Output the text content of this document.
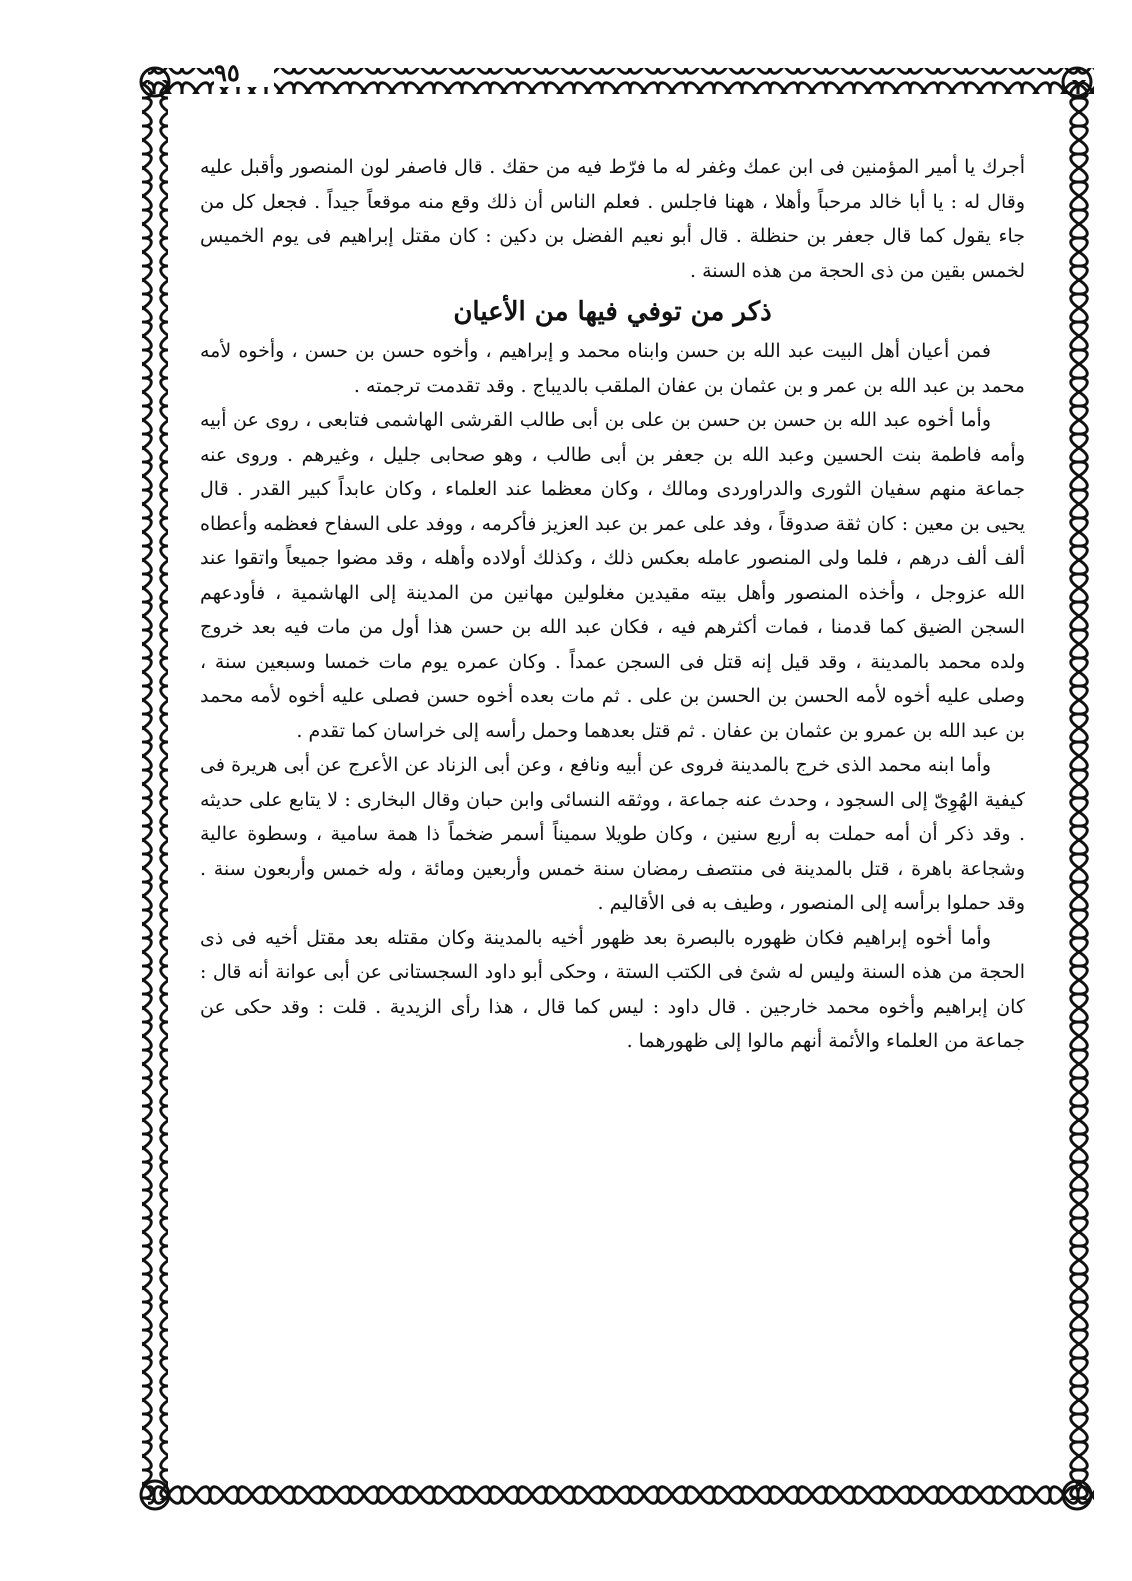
٩٥

أجرك يا أمير المؤمنين فى ابن عمك وغفر له ما فرّط فيه من حقك . قال فاصفر لون المنصور وأقبل عليه وقال له : يا أبا خالد مرحباً وأهلا ، ههنا فاجلس . فعلم الناس أن ذلك وقع منه موقعاً جيداً . فجعل كل من جاء يقول كما قال جعفر بن حنظلة . قال أبو نعيم الفضل بن دكين : كان مقتل إبراهيم فى يوم الخميس لخمس بقين من ذى الحجة من هذه السنة .

ذكر من توفي فيها من الأعيان

فمن أعيان أهل البيت عبد الله بن حسن وابناه محمد و إبراهيم ، وأخوه حسن بن حسن ، وأخوه لأمه محمد بن عبد الله بن عمر و بن عثمان بن عفان الملقب بالديباج . وقد تقدمت ترجمته .

وأما أخوه عبد الله بن حسن بن حسن بن على بن أبى طالب القرشى الهاشمى فتابعى ، روى عن أبيه وأمه فاطمة بنت الحسين وعبد الله بن جعفر بن أبى طالب ، وهو صحابى جليل ، وغيرهم . وروى عنه جماعة منهم سفيان الثورى والدراوردى ومالك ، وكان معظما عند العلماء ، وكان عابداً كبير القدر . قال يحيى بن معين : كان ثقة صدوقاً ، وفد على عمر بن عبد العزيز فأكرمه ، ووفد على السفاح فعظمه وأعطاه ألف ألف درهم ، فلما ولى المنصور عامله بعكس ذلك ، وكذلك أولاده وأهله ، وقد مضوا جميعاً واتقوا عند الله عزوجل ، وأخذه المنصور وأهل بيته مقيدين مغلولين مهانين من المدينة إلى الهاشمية ، فأودعهم السجن الضيق كما قدمنا ، فمات أكثرهم فيه ، فكان عبد الله بن حسن هذا أول من مات فيه بعد خروج ولده محمد بالمدينة ، وقد قيل إنه قتل فى السجن عمداً . وكان عمره يوم مات خمسا وسبعين سنة ، وصلى عليه أخوه لأمه الحسن بن الحسن بن على . ثم مات بعده أخوه حسن فصلى عليه أخوه لأمه محمد بن عبد الله بن عمرو بن عثمان بن عفان . ثم قتل بعدهما وحمل رأسه إلى خراسان كما تقدم .

وأما ابنه محمد الذى خرج بالمدينة فروى عن أبيه ونافع ، وعن أبى الزناد عن الأعرج عن أبى هريرة فى كيفية الهُوِىّ إلى السجود ، وحدث عنه جماعة ، ووثقه النسائى وابن حبان وقال البخارى : لا يتابع على حديثه . وقد ذكر أن أمه حملت به أربع سنين ، وكان طويلا سميناً أسمر ضخماً ذا همة سامية ، وسطوة عالية وشجاعة باهرة ، قتل بالمدينة فى منتصف رمضان سنة خمس وأربعين ومائة ، وله خمس وأربعون سنة . وقد حملوا برأسه إلى المنصور ، وطيف به فى الأقاليم .

وأما أخوه إبراهيم فكان ظهوره بالبصرة بعد ظهور أخيه بالمدينة وكان مقتله بعد مقتل أخيه فى ذى الحجة من هذه السنة وليس له شئ فى الكتب الستة ، وحكى أبو داود السجستانى عن أبى عوانة أنه قال : كان إبراهيم وأخوه محمد خارجين . قال داود : ليس كما قال ، هذا رأى الزيدية . قلت : وقد حكى عن جماعة من العلماء والأئمة أنهم مالوا إلى ظهورهما .
